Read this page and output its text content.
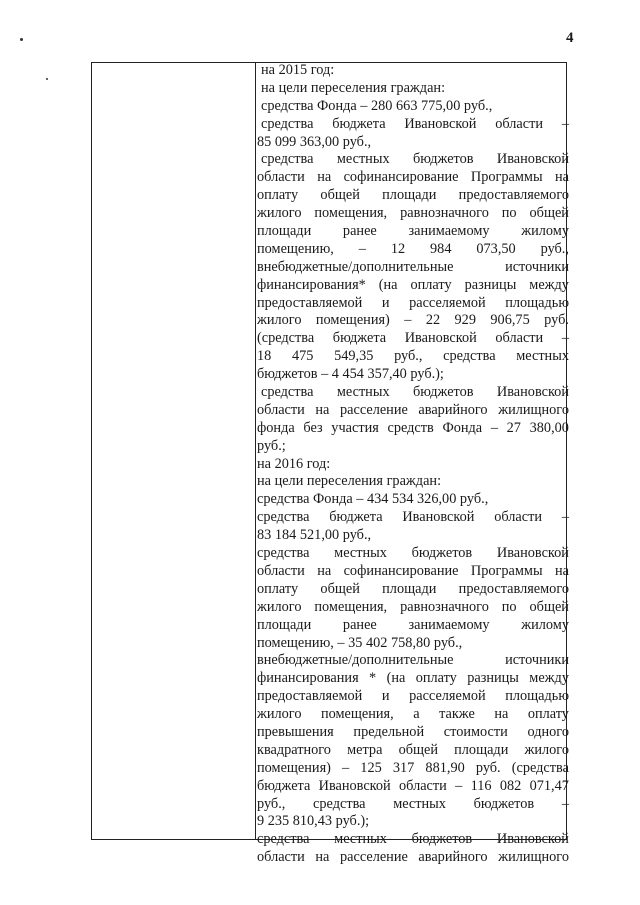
4
на 2015 год:
на цели переселения граждан:
средства Фонда – 280 663 775,00 руб.,
средства бюджета Ивановской области –
85 099 363,00 руб.,
средства местных бюджетов Ивановской
области на софинансирование Программы на
оплату общей площади предоставляемого
жилого помещения, равнозначного по общей
площади ранее занимаемому жилому
помещению, – 12 984 073,50 руб.,
внебюджетные/дополнительные	источники
финансирования* (на оплату разницы между
предоставляемой и расселяемой площадью
жилого помещения) – 22 929 906,75 руб.
(средства бюджета Ивановской области –
18 475 549,35 руб., средства местных
бюджетов – 4 454 357,40 руб.);
средства местных бюджетов Ивановской
области на расселение аварийного жилищного
фонда без участия средств Фонда – 27 380,00
руб.;
на 2016 год:
на цели переселения граждан:
средства Фонда – 434 534 326,00 руб.,
средства бюджета Ивановской области –
83 184 521,00 руб.,
средства местных бюджетов Ивановской
области на софинансирование Программы на
оплату общей площади предоставляемого
жилого помещения, равнозначного по общей
площади ранее занимаемому жилому
помещению, – 35 402 758,80 руб.,
внебюджетные/дополнительные	источники
финансирования * (на оплату разницы между
предоставляемой и расселяемой площадью
жилого помещения, а также на оплату
превышения предельной стоимости одного
квадратного метра общей площади жилого
помещения) – 125 317 881,90 руб. (средства
бюджета Ивановской области – 116 082 071,47
руб., средства местных бюджетов –
9 235 810,43 руб.);
средства местных бюджетов Ивановской
области на расселение аварийного жилищного
